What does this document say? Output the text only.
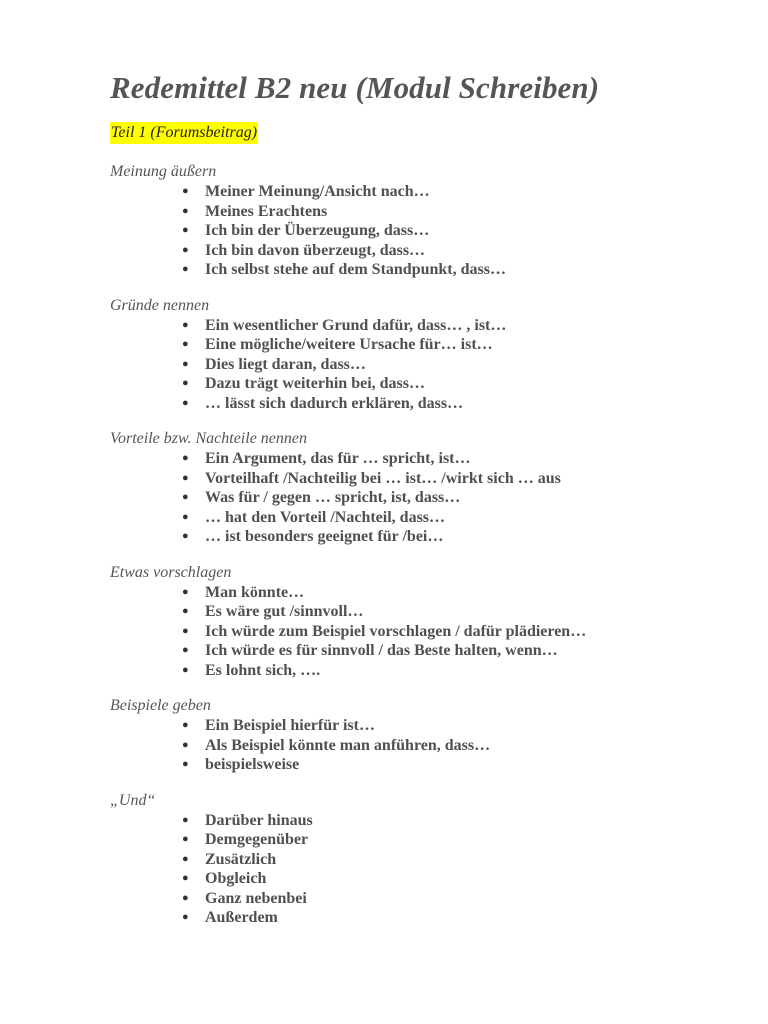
Redemittel B2 neu (Modul Schreiben)
Teil 1 (Forumsbeitrag)
Meinung äußern
● Meiner Meinung/Ansicht nach…
● Meines Erachtens
● Ich bin der Überzeugung, dass…
● Ich bin davon überzeugt, dass…
● Ich selbst stehe auf dem Standpunkt, dass…
Gründe nennen
● Ein wesentlicher Grund dafür, dass… , ist…
● Eine mögliche/weitere Ursache für… ist…
● Dies liegt daran, dass…
● Dazu trägt weiterhin bei, dass…
● … lässt sich dadurch erklären, dass…
Vorteile bzw. Nachteile nennen
● Ein Argument, das für … spricht, ist…
● Vorteilhaft /Nachteilig bei … ist… /wirkt sich … aus
● Was für / gegen … spricht, ist, dass…
● … hat den Vorteil /Nachteil, dass…
● … ist besonders geeignet für /bei…
Etwas vorschlagen
● Man könnte…
● Es wäre gut /sinnvoll…
● Ich würde zum Beispiel vorschlagen / dafür plädieren…
● Ich würde es für sinnvoll / das Beste halten, wenn…
● Es lohnt sich, ….
Beispiele geben
● Ein Beispiel hierfür ist…
● Als Beispiel könnte man anführen, dass…
● beispielsweise
„Und“
● Darüber hinaus
● Demgegenüber
● Zusätzlich
● Obgleich
● Ganz nebenbei
● Außerdem
